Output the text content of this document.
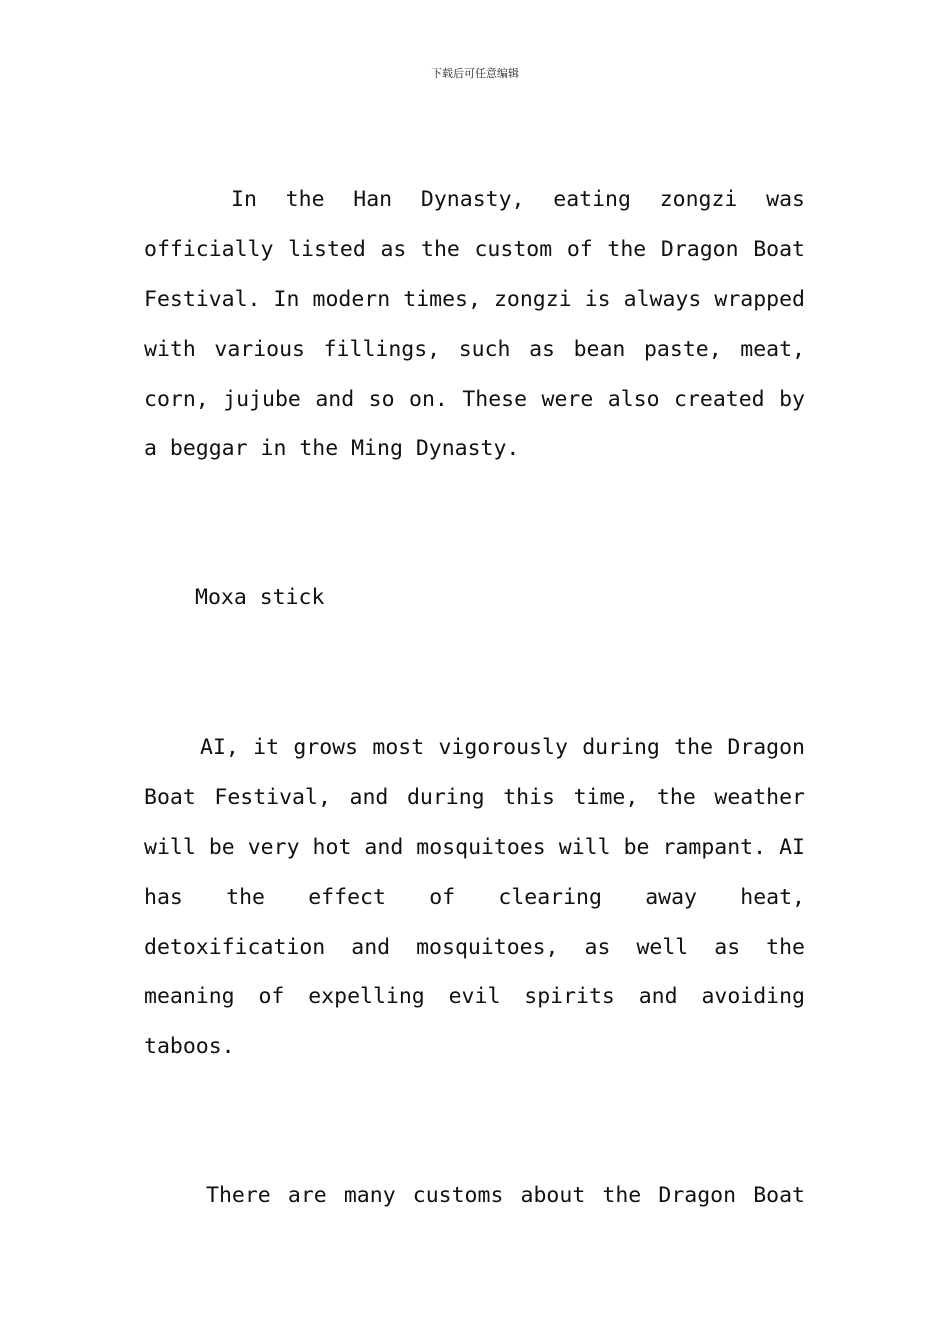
下载后可任意编辑
In the Han Dynasty, eating zongzi was
officially listed as the custom of the Dragon Boat
Festival. In modern times, zongzi is always wrapped
with various fillings, such as bean paste, meat,
corn, jujube and so on. These were also created by
a beggar in the Ming Dynasty.
Moxa stick
AI, it grows most vigorously during the Dragon
Boat Festival, and during this time, the weather
will be very hot and mosquitoes will be rampant. AI
has the effect of clearing away heat,
detoxification and mosquitoes, as well as the
meaning of expelling evil spirits and avoiding
taboos.
There are many customs about the Dragon Boat
